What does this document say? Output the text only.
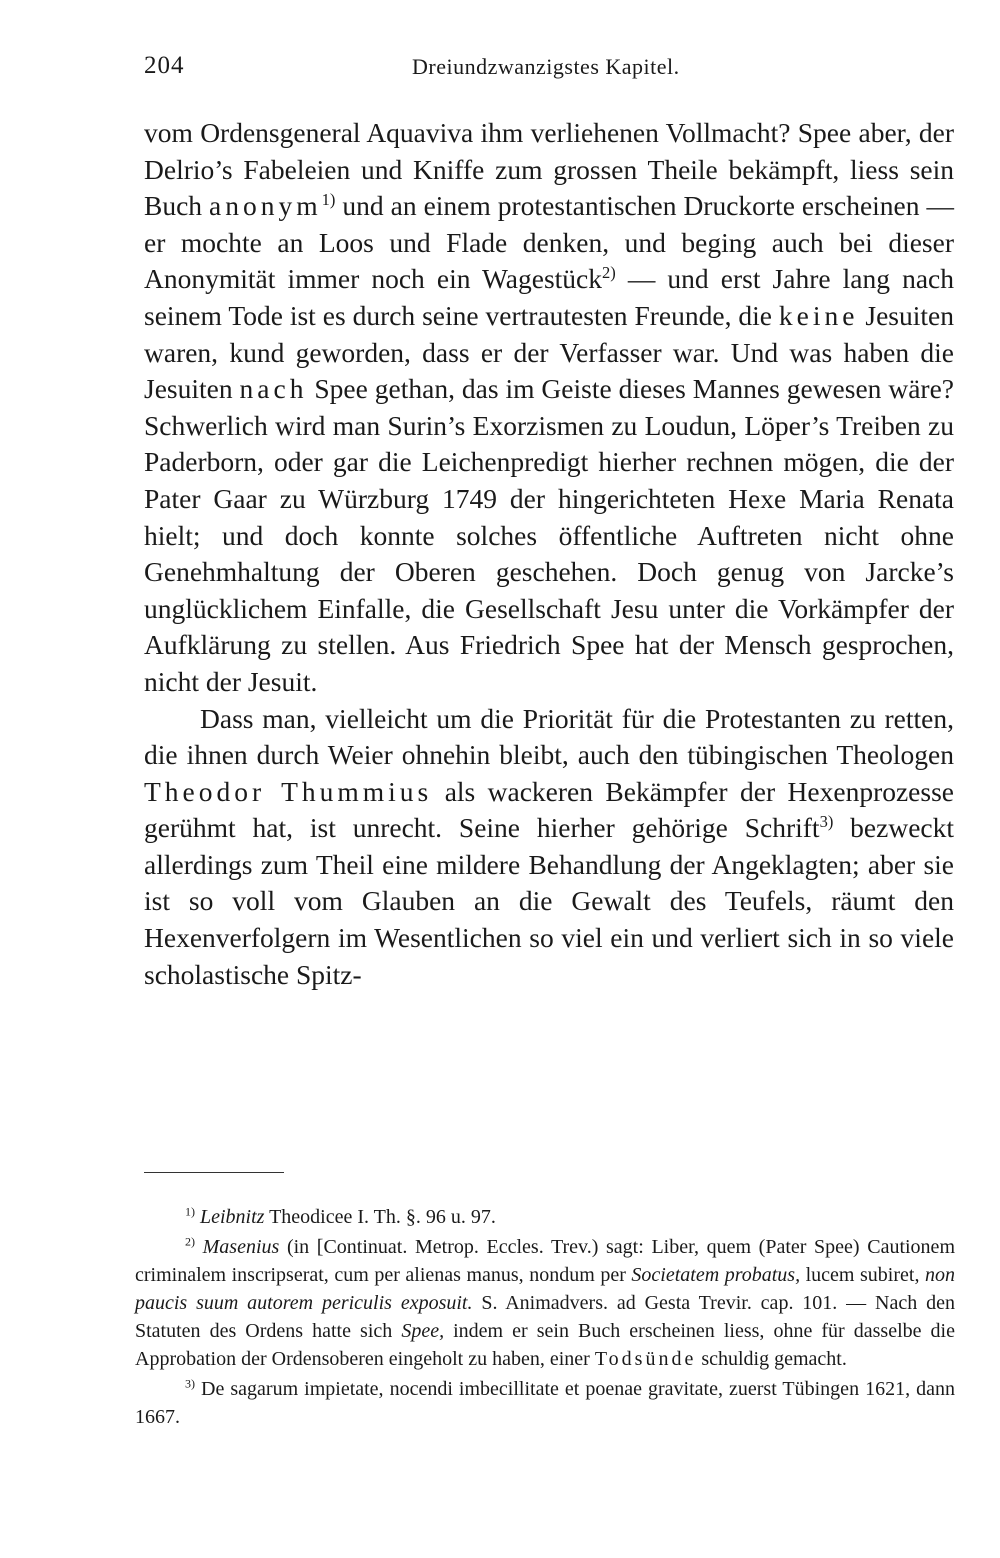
204	Dreiundzwanzigstes Kapitel.

vom Ordensgeneral Aquaviva ihm verliehenen Vollmacht? Spee aber, der Delrio’s Fabeleien und Kniffe zum grossen Theile bekämpft, liess sein Buch anonym$^{1)}$ und an einem protestantischen Druckorte erscheinen — er mochte an Loos und Flade denken, und beging auch bei dieser Anonymität immer noch ein Wagestück$^{2)}$ — und erst Jahre lang nach seinem Tode ist es durch seine vertrautesten Freunde, die keine Jesuiten waren, kund geworden, dass er der Verfasser war. Und was haben die Jesuiten nach Spee gethan, das im Geiste dieses Mannes gewesen wäre? Schwerlich wird man Surin’s Exorzismen zu Loudun, Löper’s Treiben zu Paderborn, oder gar die Leichenpredigt hierher rechnen mögen, die der Pater Gaar zu Würzburg 1749 der hingerichteten Hexe Maria Renata hielt; und doch konnte solches öffentliche Auftreten nicht ohne Genehmhaltung der Oberen geschehen. Doch genug von Jarcke’s unglücklichem Einfalle, die Gesellschaft Jesu unter die Vorkämpfer der Aufklärung zu stellen. Aus Friedrich Spee hat der Mensch gesprochen, nicht der Jesuit.

Dass man, vielleicht um die Priorität für die Protestanten zu retten, die ihnen durch Weier ohnehin bleibt, auch den tübingischen Theologen Theodor Thummius als wackeren Bekämpfer der Hexenprozesse gerühmt hat, ist unrecht. Seine hierher gehörige Schrift$^{3)}$ bezweckt allerdings zum Theil eine mildere Behandlung der Angeklagten; aber sie ist so voll vom Glauben an die Gewalt des Teufels, räumt den Hexenverfolgern im Wesentlichen so viel ein und verliert sich in so viele scholastische Spitz-

$^{1)}$ Leibnitz Theodicee I. Th. §. 96 u. 97.

$^{2)}$ Masenius (in [Continuat. Metrop. Eccles. Trev.) sagt: Liber, quem (Pater Spee) Cautionem criminalem inscripserat, cum per alienas manus, nondum per Societatem probatus, lucem subiret, non paucis suum autorem periculis exposuit. S. Animadvers. ad Gesta Trevir. cap. 101. — Nach den Statuten des Ordens hatte sich Spee, indem er sein Buch erscheinen liess, ohne für dasselbe die Approbation der Ordensoberen eingeholt zu haben, einer Todsünde schuldig gemacht.

$^{3)}$ De sagarum impietate, nocendi imbecillitate et poenae gravitate, zuerst Tübingen 1621, dann 1667.
